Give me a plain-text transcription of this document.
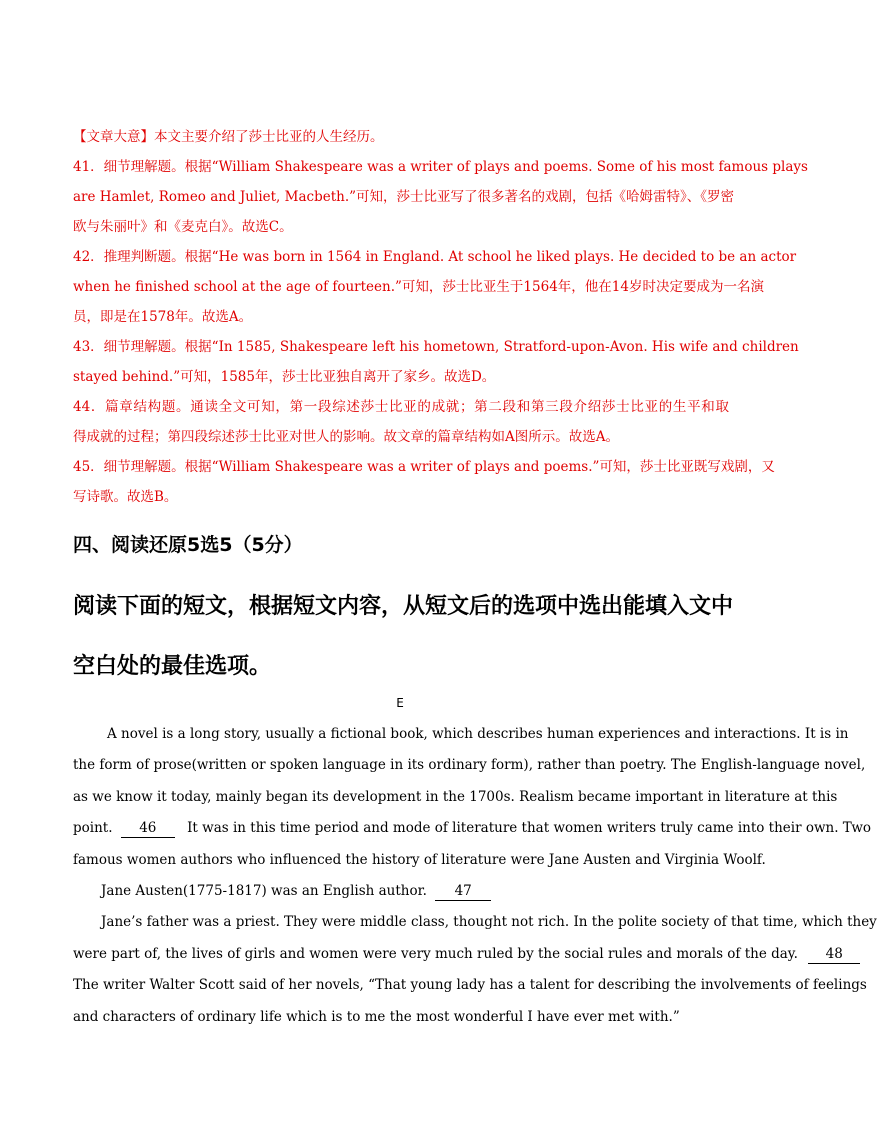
【文章大意】本文主要介绍了莎士比亚的人生经历。
41．细节理解题。根据“William Shakespeare was a writer of plays and poems. Some of his most famous plays
are Hamlet, Romeo and Juliet, Macbeth.”可知，莎士比亚写了很多著名的戏剧，包括《哈姆雷特》、《罗密
欧与朱丽叶》和《麦克白》。故选C。
42．推理判断题。根据“He was born in 1564 in England. At school he liked plays. He decided to be an actor
when he finished school at the age of fourteen.”可知，莎士比亚生于1564年，他在14岁时决定要成为一名演
员，即是在1578年。故选A。
43．细节理解题。根据“In 1585, Shakespeare left his hometown, Stratford-upon-Avon. His wife and children
stayed behind.”可知，1585年，莎士比亚独自离开了家乡。故选D。
44．篇章结构题。通读全文可知，第一段综述莎士比亚的成就；第二段和第三段介绍莎士比亚的生平和取
得成就的过程；第四段综述莎士比亚对世人的影响。故文章的篇章结构如A图所示。故选A。
45．细节理解题。根据“William Shakespeare was a writer of plays and poems.”可知，莎士比亚既写戏剧，又
写诗歌。故选B。
四、阅读还原5选5（5分）
阅读下面的短文，根据短文内容，从短文后的选项中选出能填入文中
空白处的最佳选项。
E
A novel is a long story, usually a fictional book, which describes human experiences and interactions. It is in
the form of prose(written or spoken language in its ordinary form), rather than poetry. The English-language novel,
as we know it today, mainly began its development in the 1700s. Realism became important in literature at this
point. 46 It was in this time period and mode of literature that women writers truly came into their own. Two
famous women authors who influenced the history of literature were Jane Austen and Virginia Woolf.
Jane Austen(1775-1817) was an English author. 47
Jane’s father was a priest. They were middle class, thought not rich. In the polite society of that time, which they
were part of, the lives of girls and women were very much ruled by the social rules and morals of the day. 48
The writer Walter Scott said of her novels, “That young lady has a talent for describing the involvements of feelings
and characters of ordinary life which is to me the most wonderful I have ever met with.”
